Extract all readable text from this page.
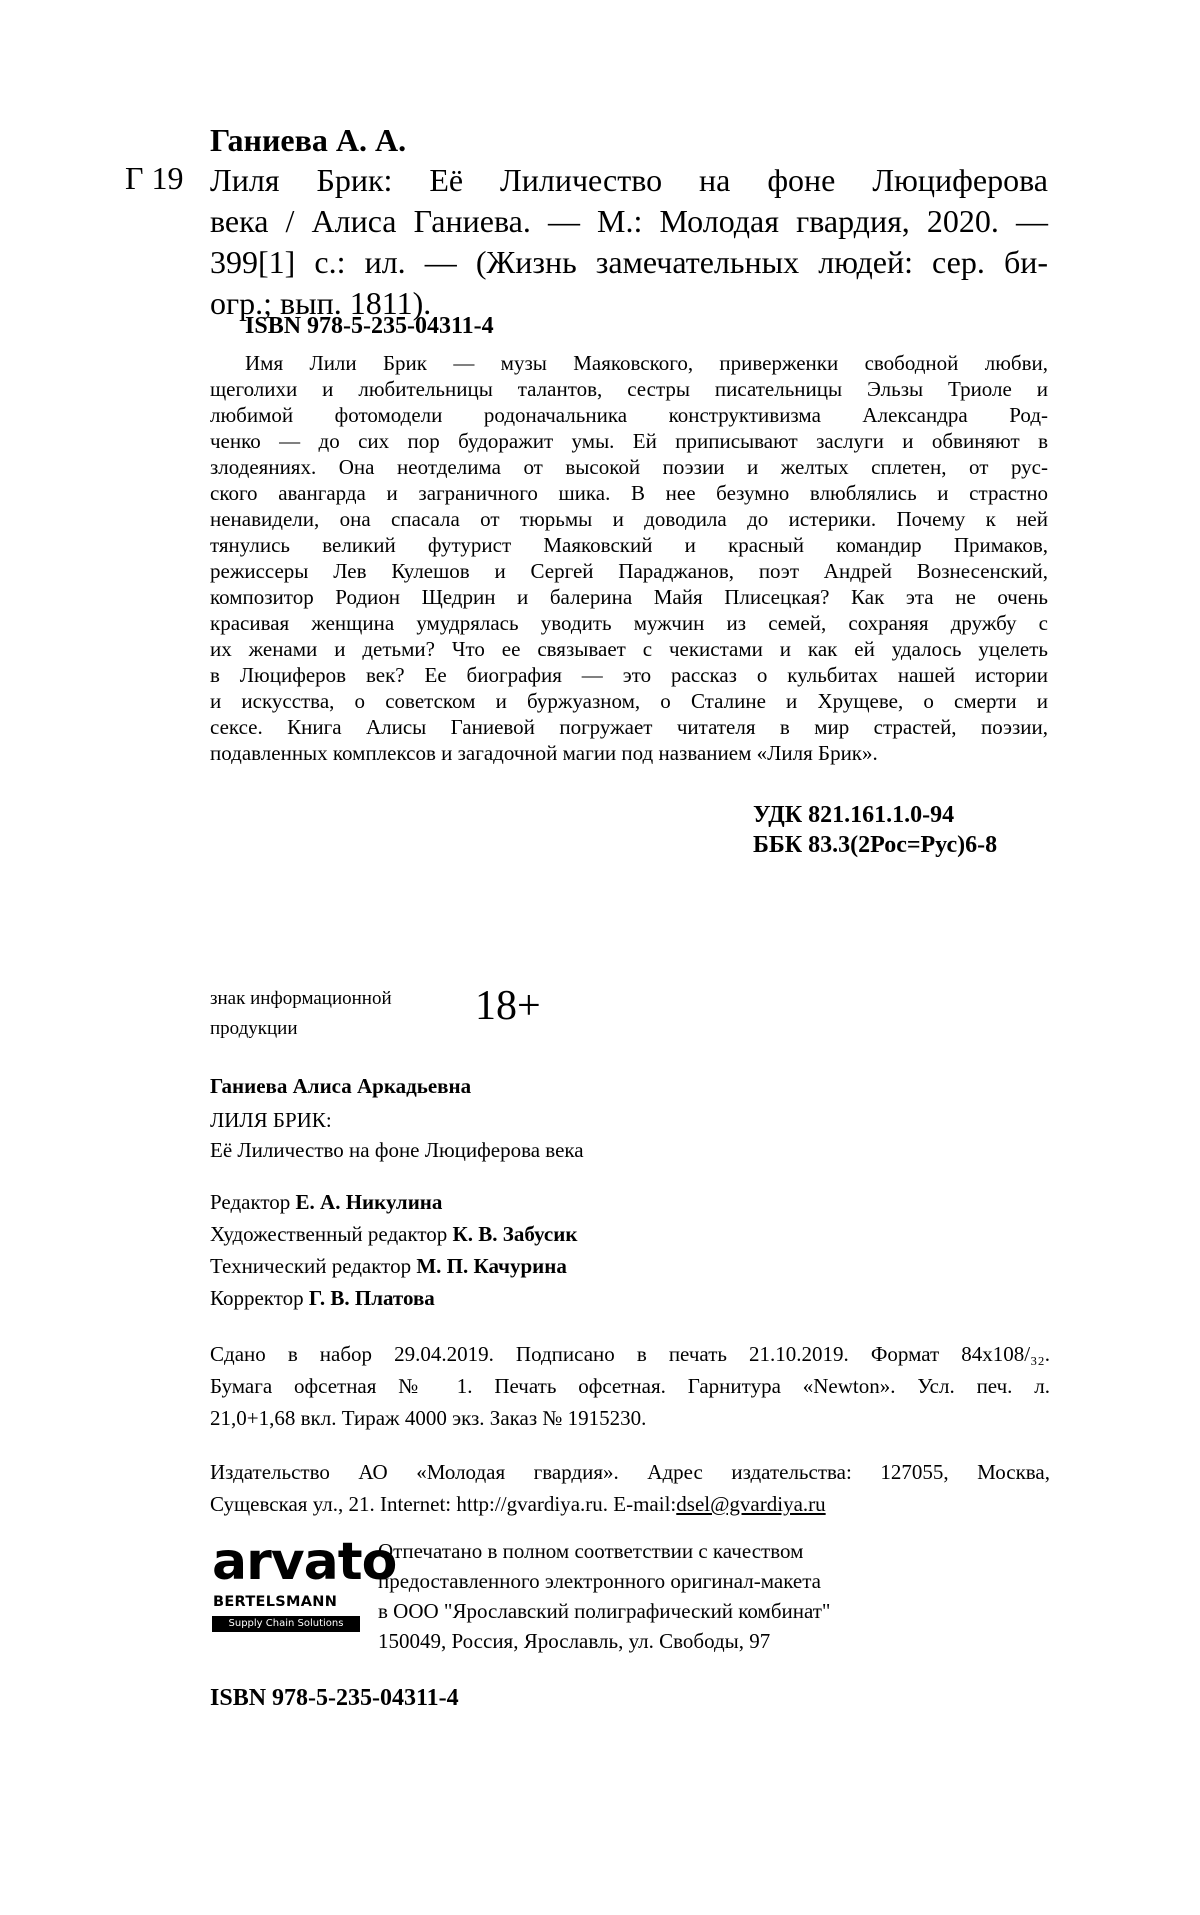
Ганиева А. А.
Г 19 Лиля Брик: Её Лиличество на фоне Люциферова
века / Алиса Ганиева. — М.: Молодая гвардия, 2020. —
399[1] с.: ил. — (Жизнь замечательных людей: сер. би-
огр.; вып. 1811).
ISBN 978-5-235-04311-4
Имя Лили Брик — музы Маяковского, приверженки свободной любви,
щеголихи и любительницы талантов, сестры писательницы Эльзы Триоле и
любимой фотомодели родоначальника конструктивизма Александра Род-
ченко — до сих пор будоражит умы. Ей приписывают заслуги и обвиняют в
злодеяниях. Она неотделима от высокой поэзии и желтых сплетен, от рус-
ского авангарда и заграничного шика. В нее безумно влюблялись и страстно
ненавидели, она спасала от тюрьмы и доводила до истерики. Почему к ней
тянулись великий футурист Маяковский и красный командир Примаков,
режиссеры Лев Кулешов и Сергей Параджанов, поэт Андрей Вознесенский,
композитор Родион Щедрин и балерина Майя Плисецкая? Как эта не очень
красивая женщина умудрялась уводить мужчин из семей, сохраняя дружбу с
их женами и детьми? Что ее связывает с чекистами и как ей удалось уцелеть
в Люциферов век? Ее биография — это рассказ о кульбитах нашей истории
и искусства, о советском и буржуазном, о Сталине и Хрущеве, о смерти и
сексе. Книга Алисы Ганиевой погружает читателя в мир страстей, поэзии,
подавленных комплексов и загадочной магии под названием «Лиля Брик».
УДК 821.161.1.0-94
ББК 83.3(2Рос=Рус)6-8
знак информационной
продукции	18+
Ганиева Алиса Аркадьевна
ЛИЛЯ БРИК:
Её Лиличество на фоне Люциферова века
Редактор Е. А. Никулина
Художественный редактор К. В. Забусик
Технический редактор М. П. Качурина
Корректор Г. В. Платова
Сдано в набор 29.04.2019. Подписано в печать 21.10.2019. Формат 84x108/₃₂.
Бумага офсетная № 1. Печать офсетная. Гарнитура «Newton». Усл. печ. л.
21,0+1,68 вкл. Тираж 4000 экз. Заказ № 1915230.
Издательство АО «Молодая гвардия». Адрес издательства: 127055, Москва,
Сущевская ул., 21. Internet: http://gvardiya.ru. E-mail:dsel@gvardiya.ru
arvato
BERTELSMANN
Supply Chain Solutions
Отпечатано в полном соответствии с качеством
предоставленного электронного оригинал-макета
в ООО "Ярославский полиграфический комбинат"
150049, Россия, Ярославль, ул. Свободы, 97
ISBN 978-5-235-04311-4
